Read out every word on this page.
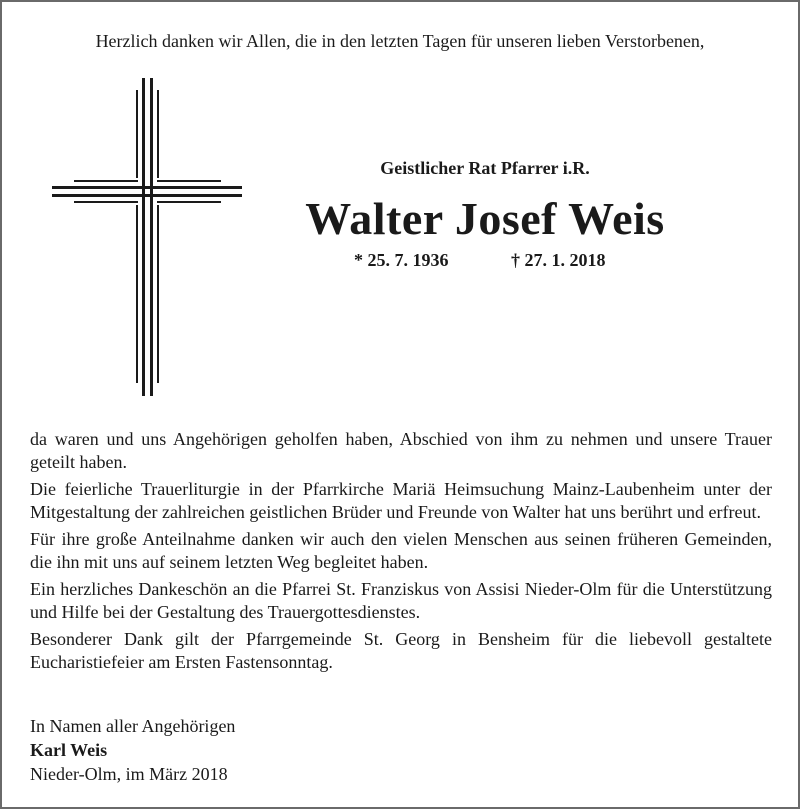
Herzlich danken wir Allen, die in den letzten Tagen für unseren lieben Verstorbenen,
Geistlicher Rat Pfarrer i.R.
Walter Josef Weis
* 25. 7. 1936	† 27. 1. 2018

da waren und uns Angehörigen geholfen haben, Abschied von ihm zu nehmen und unsere Trauer geteilt haben.

Die feierliche Trauerliturgie in der Pfarrkirche Mariä Heimsuchung Mainz-Laubenheim unter der Mitgestaltung der zahlreichen geistlichen Brüder und Freunde von Walter hat uns berührt und erfreut.

Für ihre große Anteilnahme danken wir auch den vielen Menschen aus seinen früheren Gemeinden, die ihn mit uns auf seinem letzten Weg begleitet haben.

Ein herzliches Dankeschön an die Pfarrei St. Franziskus von Assisi Nieder-Olm für die Unterstützung und Hilfe bei der Gestaltung des Trauergottesdienstes.

Besonderer Dank gilt der Pfarrgemeinde St. Georg in Bensheim für die liebevoll gestaltete Eucharistiefeier am Ersten Fastensonntag.

In Namen aller Angehörigen
Karl Weis
Nieder-Olm, im März 2018
